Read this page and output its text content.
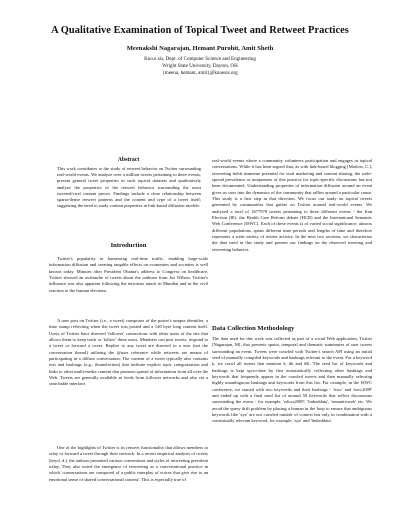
A Qualitative Examination of Topical Tweet and Retweet Practices
Meenakshi Nagarajan, Hemant Purohit, Amit Sheth
Kno.e.sis, Dept. of Computer Science and Engineering
Wright State University, Dayton, OH
{meena, hemant, amit}@knoesis.org
Abstract
This work contributes to the study of retweet behavior on Twitter surrounding real-world events. We analyze over a million tweets pertaining to three events, present general tweet properties in such topical datasets and qualitatively analyze the properties of the retweet behavior surrounding the most tweeted/viral content pieces. Findings include a clear relationship between sparse/dense retweet patterns and the content and type of a tweet itself; suggesting the need to study content properties in link-based diffusion models.
Introduction

Twitter's popularity in harnessing real-time traffic, enabling large-scale information diffusion and creating tangible effects on economies and societies is well known today. Minutes after President Obama's address to Congress on healthcare, Twitter showed an avalanche of tweets about the outburst from Joe Wilson. Twitter's influence was also apparent following the terrorists attack in Mumbai and in the civil reaction to the Iranian elections.

A user post on Twitter (i.e., a tweet) comprises of the poster's unique identifier, a time stamp reflecting when the tweet was posted and a 140 byte long content itself. Users of Twitter have directed 'follower' connections with other users of the site that allows them to keep track or 'follow' these users. Members can post tweets, respond to a tweet or forward a tweet. Replies to any tweet are directed to a user (not the conversation thread) utilizing the @user reference while retweets are means of participating in a diffuse conversation. The content of a tweet typically also contains text and hashtags (e.g., #iranelection) that indicate explicit topic categorization and links to other multi-media content that promote spread of information from all over the Web. Tweets are generally available as feeds from follower networks and also via a searchable interface.

One of the highlights of Twitter is its retweet functionality that allows members to relay or forward a tweet through their network. In a recent empirical analysis of tweets (boyd, d.), the authors presented various conventions and styles of retweeting prevalent today. They also noted the emergence of retweeting as a conversational practice in which 'conversations are composed of a public interplay of voices that give rise to an emotional sense of shared conversational context'. This is especially true of

real-world events where a community volunteers participation and engages in topical conversations. While it has been argued that, as with link-based blogging [Marlow, C.], retweeting holds immense potential for viral marketing and content sharing, the wide-spread prevalence or uniqueness of this practice for topic-specific discussions has not been documented. Understanding properties of information diffusion around an event gives us cues into the dynamics of the community that rallies around a particular cause. This study is a first step in that direction. We focus our study on topical tweets generated by communities that gather on Twitter around real-world events. We analyzed a total of 1677978 tweets pertaining to three different events - the Iran Election (IE), the Health Care Reform debate (HCR) and the International Semantic Web Conference (ISWC). Each of these events is of varied social significance, attracts different populations, spans different time periods and lengths of time and therefore represents a wide variety of twitter activity. In the next two sections, we characterize the data used in this study and present our findings on the observed tweeting and retweeting behavior.

Data Collection Methodology

The data used for this work was collected as part of a social Web application, Twitris [Nagarajan, M], that presents spatio, temporal and thematic summaries of user tweets surrounding an event. Tweets were crawled with Twitter's search API using an initial seed of manually compiled keywords and hashtags relevant to the event. For a keyword k, we crawl all tweets that mention k, #k and #K. The seed list of keywords and hashtags is kept up-to-date by first automatically collecting other hashtags and keywords that frequently appear in the crawled tweets and then manually selecting highly unambiguous hashtags and keywords from this list. For example, in the ISWC conference, we started with two keywords and their hashtags - 'iswc' and 'iswc2009' and ended up with a final used list of around 50 keywords that reflect discussions surrounding the event - for example, 'edocs2009', 'linkeddata', 'semanticweb' etc. We avoid the query drift problem by placing a human in the loop to ensure that ambiguous keywords like 'xyz' are not crawled outside of context but only in combination with a contextually relevant keyword, for example, 'xyz' and 'linkeddata'.
